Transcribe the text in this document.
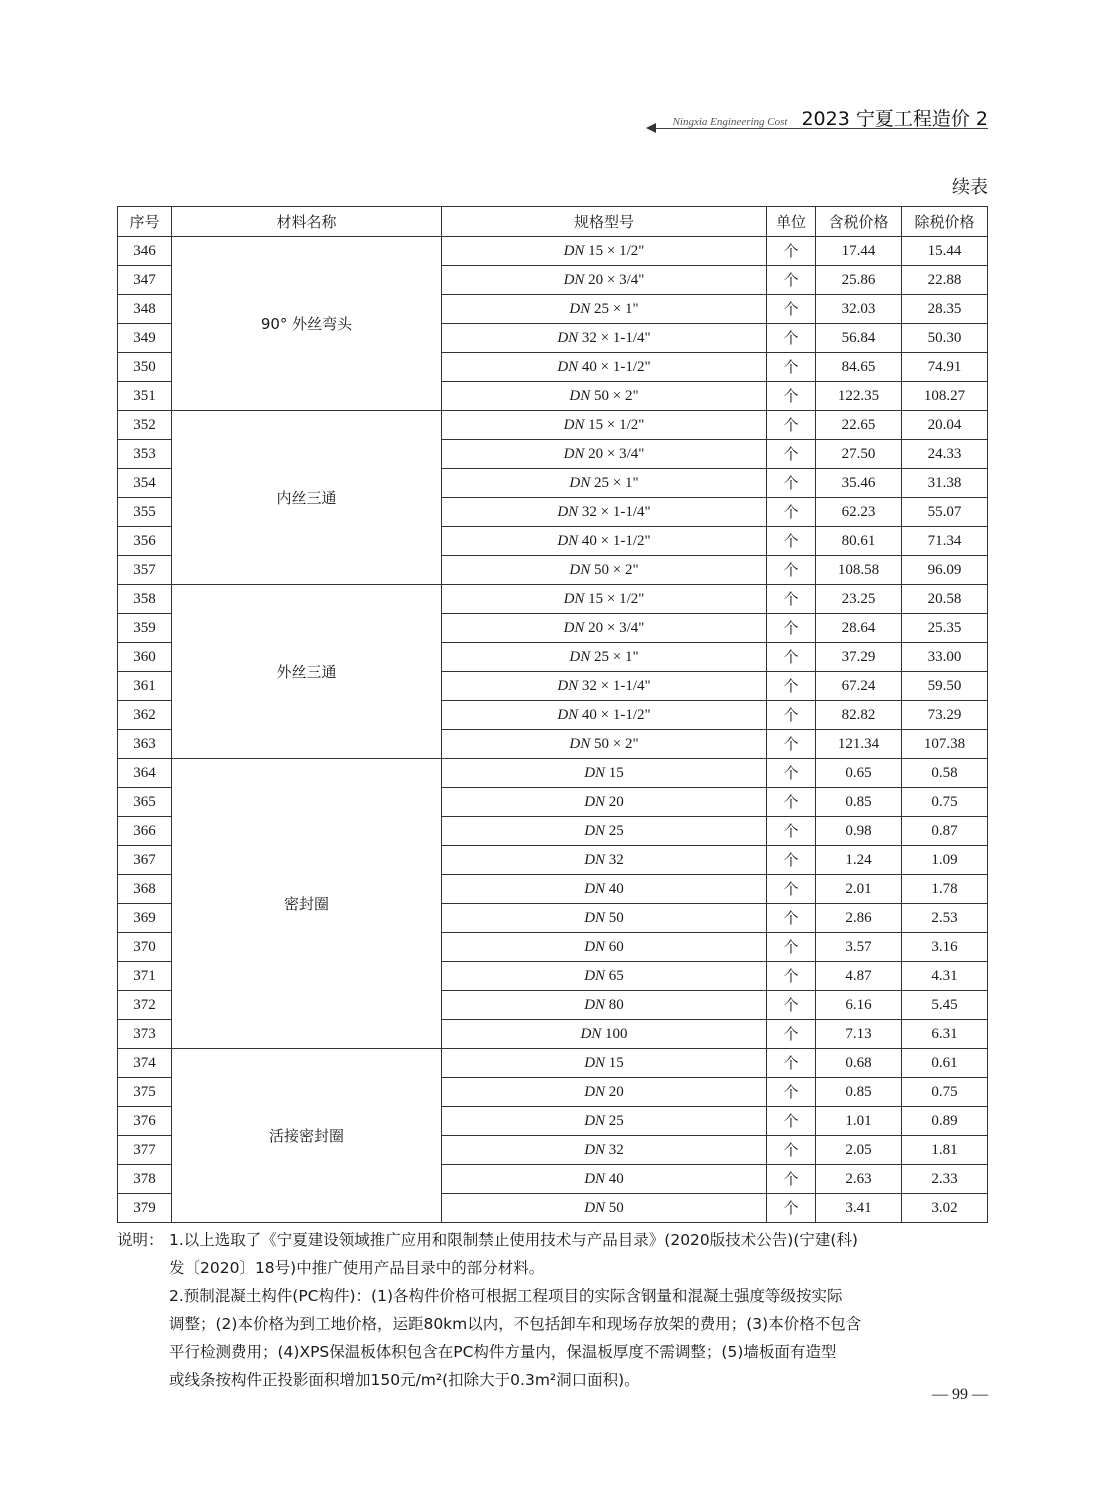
Ningxia Engineering Cost 2023 宁夏工程造价 2
续表
序号	材料名称	规格型号	单位	含税价格	除税价格
346	90° 外丝弯头	DN 15 × 1/2"	个	17.44	15.44
347		DN 20 × 3/4"	个	25.86	22.88
348		DN 25 × 1"	个	32.03	28.35
349		DN 32 × 1-1/4"	个	56.84	50.30
350		DN 40 × 1-1/2"	个	84.65	74.91
351		DN 50 × 2"	个	122.35	108.27
352	内丝三通	DN 15 × 1/2"	个	22.65	20.04
353		DN 20 × 3/4"	个	27.50	24.33
354		DN 25 × 1"	个	35.46	31.38
355		DN 32 × 1-1/4"	个	62.23	55.07
356		DN 40 × 1-1/2"	个	80.61	71.34
357		DN 50 × 2"	个	108.58	96.09
358	外丝三通	DN 15 × 1/2"	个	23.25	20.58
359		DN 20 × 3/4"	个	28.64	25.35
360		DN 25 × 1"	个	37.29	33.00
361		DN 32 × 1-1/4"	个	67.24	59.50
362		DN 40 × 1-1/2"	个	82.82	73.29
363		DN 50 × 2"	个	121.34	107.38
364	密封圈	DN 15	个	0.65	0.58
365		DN 20	个	0.85	0.75
366		DN 25	个	0.98	0.87
367		DN 32	个	1.24	1.09
368		DN 40	个	2.01	1.78
369		DN 50	个	2.86	2.53
370		DN 60	个	3.57	3.16
371		DN 65	个	4.87	4.31
372		DN 80	个	6.16	5.45
373		DN 100	个	7.13	6.31
374	活接密封圈	DN 15	个	0.68	0.61
375		DN 20	个	0.85	0.75
376		DN 25	个	1.01	0.89
377		DN 32	个	2.05	1.81
378		DN 40	个	2.63	2.33
379		DN 50	个	3.41	3.02
说明： 1.以上选取了《宁夏建设领域推广应用和限制禁止使用技术与产品目录》(2020版技术公告)(宁建(科)
发〔2020〕18号)中推广使用产品目录中的部分材料。
2.预制混凝土构件(PC构件)：(1)各构件价格可根据工程项目的实际含钢量和混凝土强度等级按实际
调整；(2)本价格为到工地价格，运距80km以内，不包括卸车和现场存放架的费用；(3)本价格不包含
平行检测费用；(4)XPS保温板体积包含在PC构件方量内，保温板厚度不需调整；(5)墙板面有造型
或线条按构件正投影面积增加150元/m²(扣除大于0.3m²洞口面积)。
— 99 —
